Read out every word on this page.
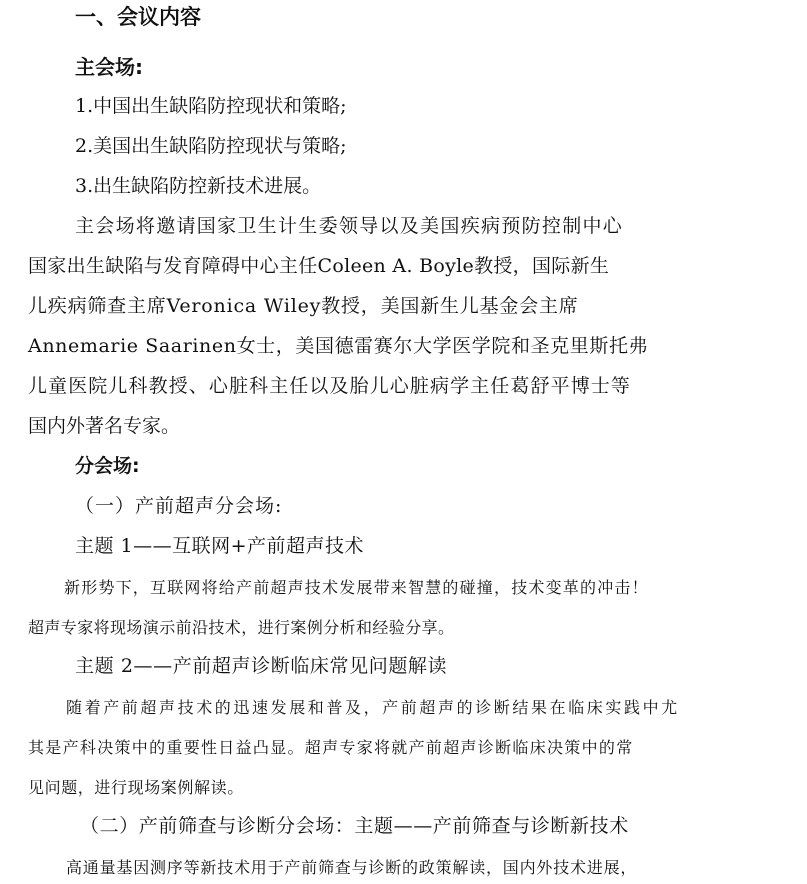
一、会议内容
主会场:
1.中国出生缺陷防控现状和策略;
2.美国出生缺陷防控现状与策略;
3.出生缺陷防控新技术进展。
主会场将邀请国家卫生计生委领导以及美国疾病预防控制中心
国家出生缺陷与发育障碍中心主任Coleen A. Boyle教授，国际新生
儿疾病筛查主席Veronica Wiley教授，美国新生儿基金会主席
Annemarie Saarinen女士，美国德雷赛尔大学医学院和圣克里斯托弗
儿童医院儿科教授、心脏科主任以及胎儿心脏病学主任葛舒平博士等
国内外著名专家。
分会场:
（一）产前超声分会场:
主题 1——互联网+产前超声技术
新形势下，互联网将给产前超声技术发展带来智慧的碰撞，技术变革的冲击！
超声专家将现场演示前沿技术，进行案例分析和经验分享。
主题 2——产前超声诊断临床常见问题解读
随着产前超声技术的迅速发展和普及，产前超声的诊断结果在临床实践中尤
其是产科决策中的重要性日益凸显。超声专家将就产前超声诊断临床决策中的常
见问题，进行现场案例解读。
（二）产前筛查与诊断分会场：主题——产前筛查与诊断新技术
高通量基因测序等新技术用于产前筛查与诊断的政策解读，国内外技术进展，
